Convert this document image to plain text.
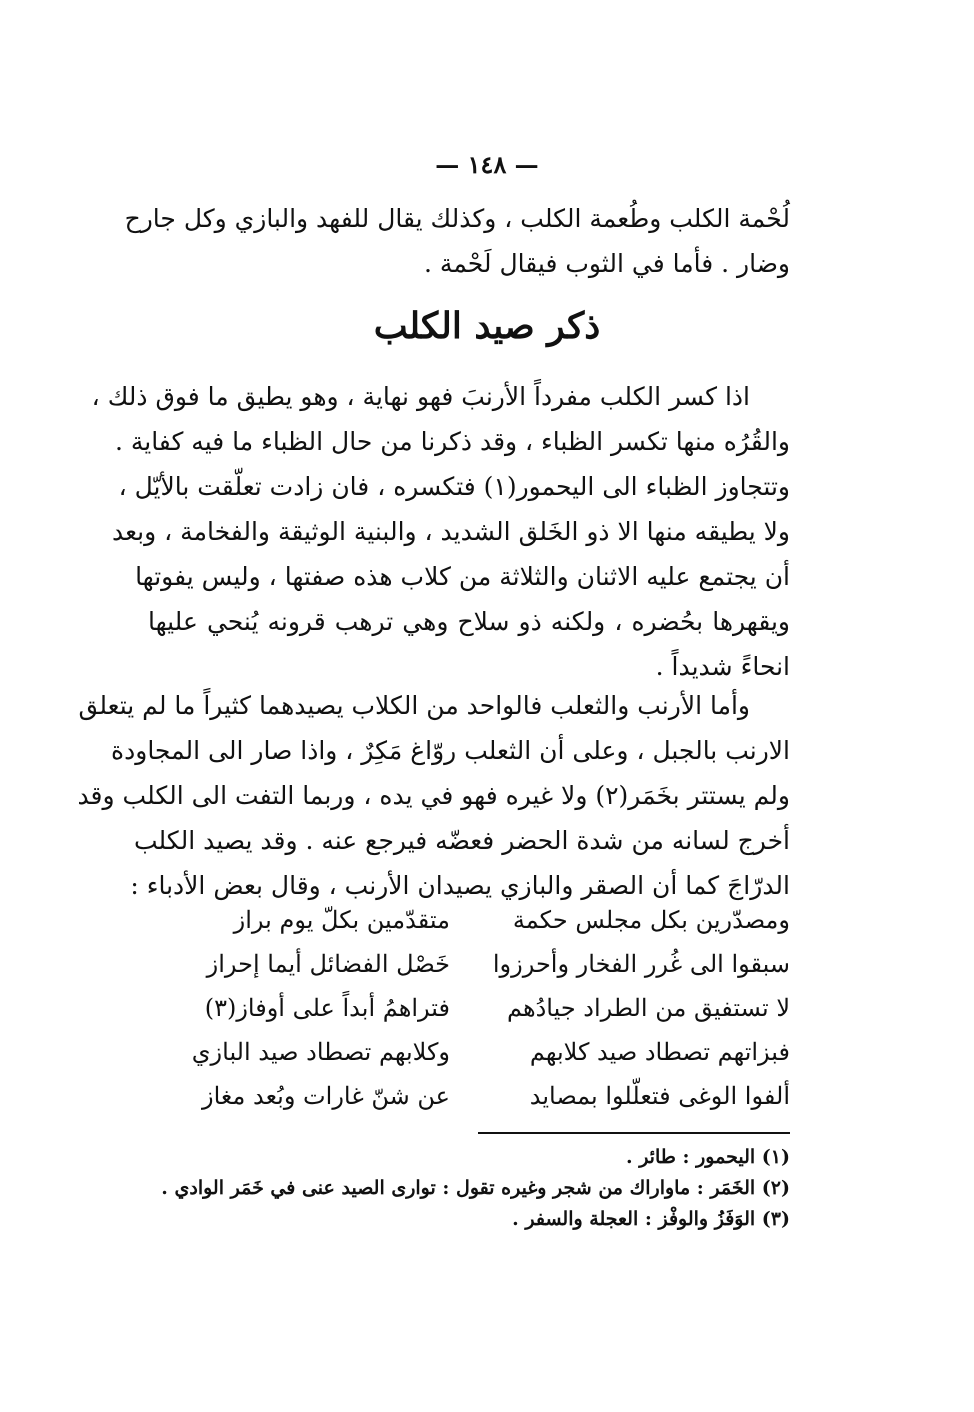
— ١٤٨ —
لُحْمة الكلب وطُعمة الكلب ، وكذلك يقال للفهد والبازي وكل جارح
وضار . فأما في الثوب فيقال لَحْمة .
ذكر صيد الكلب
اذا كسر الكلب مفرداً الأرنبَ فهو نهاية ، وهو يطيق ما فوق ذلك ،
والقُرُه منها تكسر الظباء ، وقد ذكرنا من حال الظباء ما فيه كفاية .
وتتجاوز الظباء الى اليحمور(١) فتكسره ، فان زادت تعلّقت بالأيّل ،
ولا يطيقه منها الا ذو الخَلق الشديد ، والبنية الوثيقة والفخامة ، وبعد
أن يجتمع عليه الاثنان والثلاثة من كلاب هذه صفتها ، وليس يفوتها
ويقهرها بحُضره ، ولكنه ذو سلاح وهي ترهب قرونه يُنحي عليها
انحاءً شديداً .
وأما الأرنب والثعلب فالواحد من الكلاب يصيدهما كثيراً ما لم يتعلق
الارنب بالجبل ، وعلى أن الثعلب روّاغ مَكِرٌ ، واذا صار الى المجاودة
ولم يستتر بخَمَر(٢) ولا غيره فهو في يده ، وربما التفت الى الكلب وقد
أخرج لسانه من شدة الحضر فعضّه فيرجع عنه . وقد يصيد الكلب
الدرّاجَ كما أن الصقر والبازي يصيدان الأرنب ، وقال بعض الأدباء :
ومصدّرين بكل مجلس حكمة
متقدّمين بكلّ يوم براز
سبقوا الى غُرر الفخار وأحرزوا
خَصْل الفضائل أيما إحراز
لا تستفيق من الطراد جيادُهم
فتراهمُ أبداً على أوفاز(٣)
فبزاتهم تصطاد صيد كلابهم
وكلابهم تصطاد صيد البازي
ألفوا الوغى فتعلّلوا بمصايد
عن شنّ غارات وبُعد مغاز
(١) اليحمور : طائر .
(٢) الخَمَر : ماواراك من شجر وغيره تقول : توارى الصيد عنى في خَمَر الوادي .
(٣) الوَفَزُ والوفْز : العجلة والسفر .
